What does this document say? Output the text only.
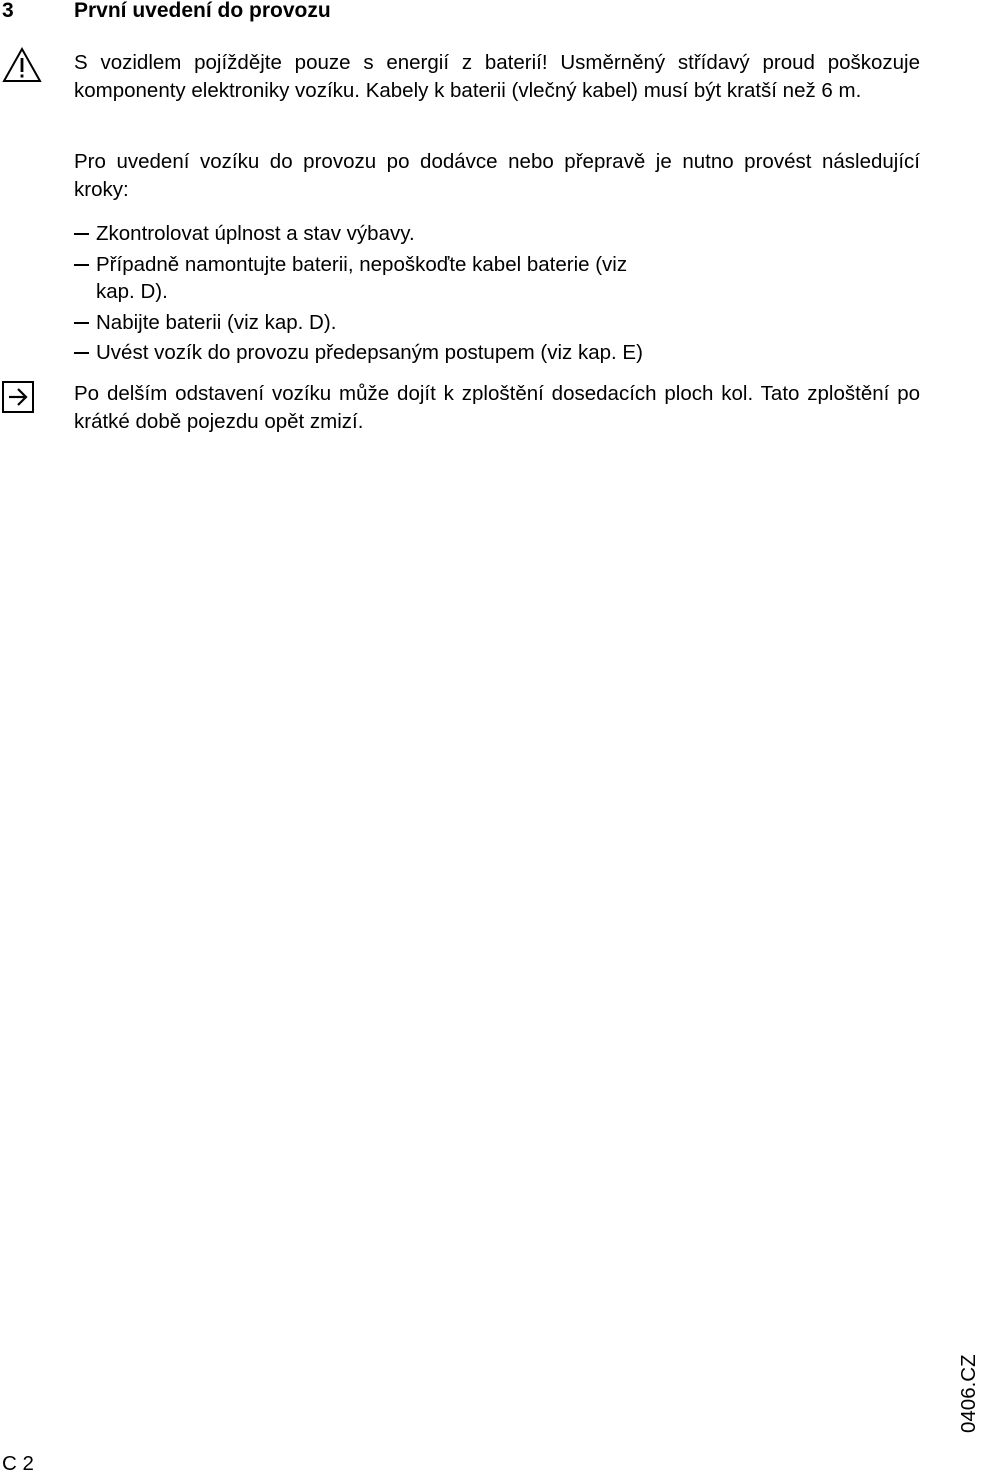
3	První uvedení do provozu

S vozidlem pojíždějte pouze s energií z baterií! Usměrněný střídavý proud poškozuje komponenty elektroniky vozíku. Kabely k baterii (vlečný kabel) musí být kratší než 6 m.

Pro uvedení vozíku do provozu po dodávce nebo přepravě je nutno provést následující kroky:

Zkontrolovat úplnost a stav výbavy.
Případně namontujte baterii, nepoškoďte kabel baterie (viz kap. D).
Nabijte baterii (viz kap. D).
Uvést vozík do provozu předepsaným postupem (viz kap. E)

Po delším odstavení vozíku může dojít k zploštění dosedacích ploch kol. Tato zploštění po krátké době pojezdu opět zmizí.

C 2
0406.CZ
